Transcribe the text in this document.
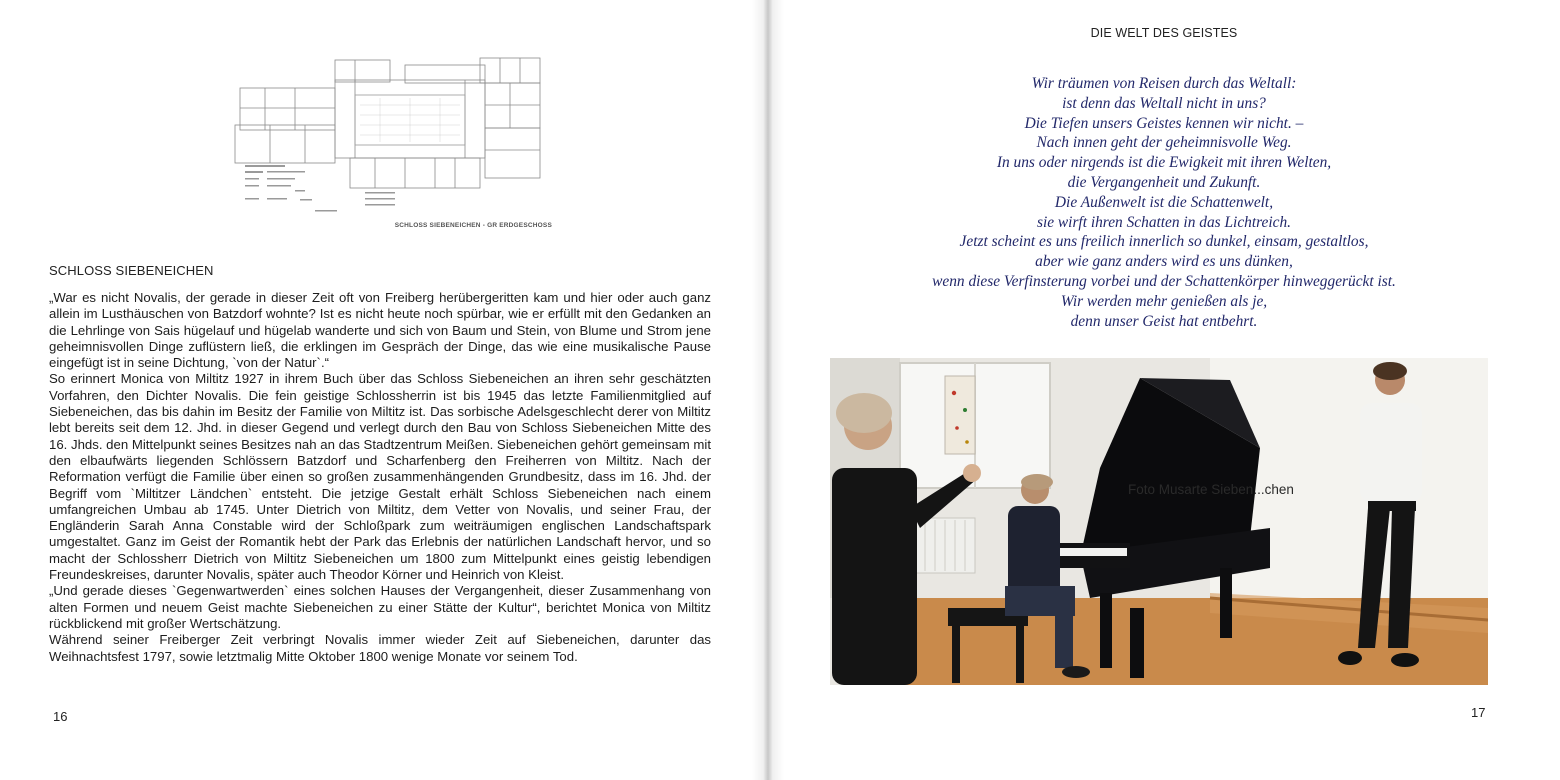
SCHLOSS SIEBENEICHEN - GR ERDGESCHOSS
SCHLOSS SIEBENEICHEN

„War es nicht Novalis, der gerade in dieser Zeit oft von Freiberg herübergeritten kam und hier oder auch ganz allein im Lusthäuschen von Batzdorf wohnte? Ist es nicht heute noch spürbar, wie er erfüllt mit den Gedanken an die Lehrlinge von Sais hügelauf und hügelab wanderte und sich von Baum und Stein, von Blume und Strom jene geheimnisvollen Dinge zuflüstern ließ, die erklingen im Gespräch der Dinge, das wie eine musikalische Pause eingefügt ist in seine Dichtung, `von der Natur`.“

So erinnert Monica von Miltitz 1927 in ihrem Buch über das Schloss Siebeneichen an ihren sehr geschätzten Vorfahren, den Dichter Novalis. Die fein geistige Schlossherrin ist bis 1945 das letzte Familienmitglied auf Siebeneichen, das bis dahin im Besitz der Familie von Miltitz ist. Das sorbische Adelsgeschlecht derer von Miltitz lebt bereits seit dem 12. Jhd. in dieser Gegend und verlegt durch den Bau von Schloss Siebeneichen Mitte des 16. Jhds. den Mittelpunkt seines Besitzes nah an das Stadtzentrum Meißen. Siebeneichen gehört gemeinsam mit den elbaufwärts liegenden Schlössern Batzdorf und Scharfenberg den Freiherren von Miltitz. Nach der Reformation verfügt die Familie über einen so großen zusammenhängenden Grundbesitz, dass im 16. Jhd. der Begriff vom `Miltitzer Ländchen` entsteht. Die jetzige Gestalt erhält Schloss Siebeneichen nach einem umfangreichen Umbau ab 1745. Unter Dietrich von Miltitz, dem Vetter von Novalis, und seiner Frau, der Engländerin Sarah Anna Constable wird der Schloßpark zum weiträumigen englischen Landschaftspark umgestaltet. Ganz im Geist der Romantik hebt der Park das Erlebnis der natürlichen Landschaft hervor, und so macht der Schlossherr Dietrich von Miltitz Siebeneichen um 1800 zum Mittelpunkt eines geistig lebendigen Freundeskreises, darunter Novalis, später auch Theodor Körner und Heinrich von Kleist.

„Und gerade dieses `Gegenwartwerden` eines solchen Hauses der Vergangenheit, dieser Zusammenhang von alten Formen und neuem Geist machte Siebeneichen zu einer Stätte der Kultur“, berichtet Monica von Miltitz rückblickend mit großer Wertschätzung.

Während seiner Freiberger Zeit verbringt Novalis immer wieder Zeit auf Siebeneichen, darunter das Weihnachtsfest 1797, sowie letztmalig Mitte Oktober 1800 wenige Monate vor seinem Tod.

16
DIE WELT DES GEISTES
Wir träumen von Reisen durch das Weltall:
ist denn das Weltall nicht in uns?
Die Tiefen unsers Geistes kennen wir nicht. –
Nach innen geht der geheimnisvolle Weg.
In uns oder nirgends ist die Ewigkeit mit ihren Welten,
die Vergangenheit und Zukunft.
Die Außenwelt ist die Schattenwelt,
sie wirft ihren Schatten in das Lichtreich.
Jetzt scheint es uns freilich innerlich so dunkel, einsam, gestaltlos,
aber wie ganz anders wird es uns dünken,
wenn diese Verfinsterung vorbei und der Schattenkörper hinweggerückt ist.
Wir werden mehr genießen als je,
denn unser Geist hat entbehrt.
Foto Musarte Sieben...chen
17
